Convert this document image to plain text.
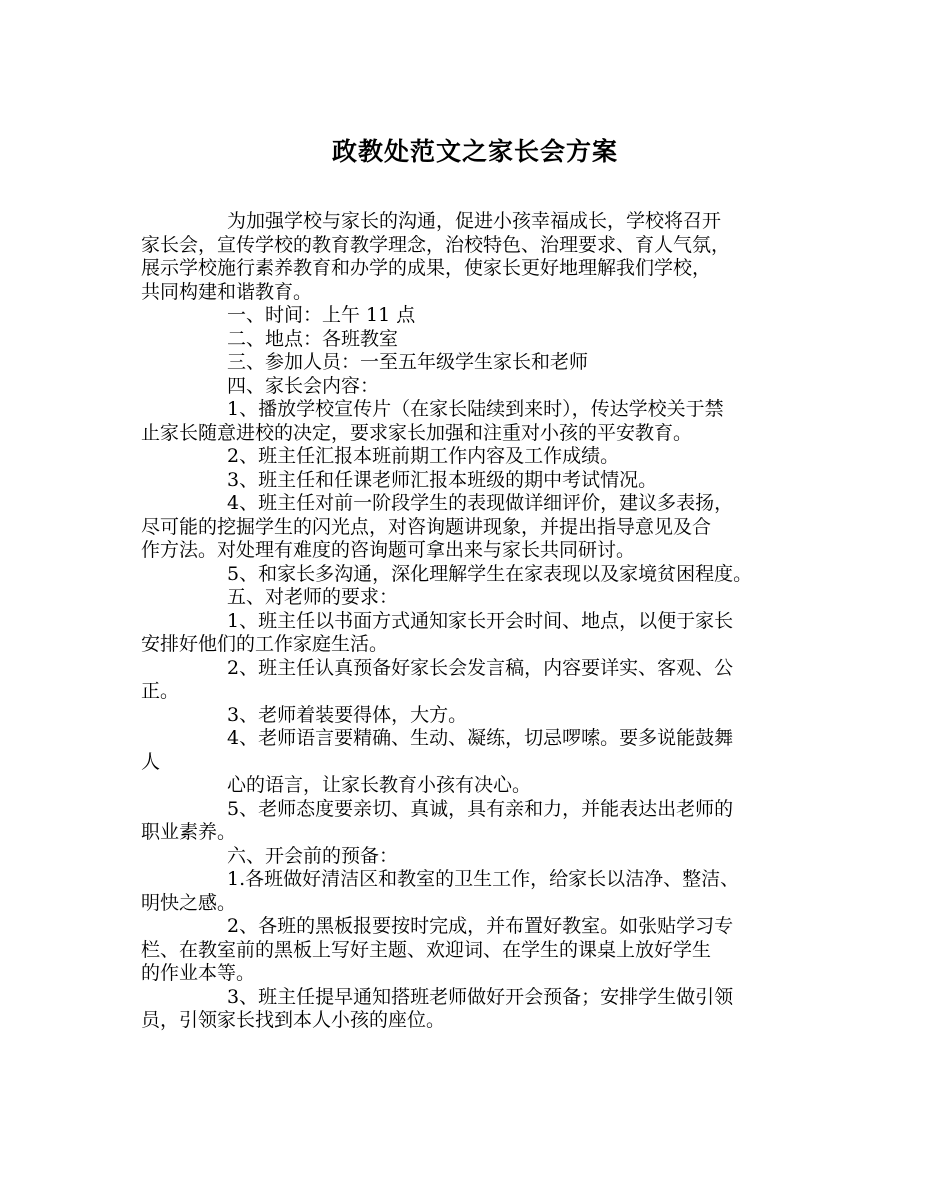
政教处范文之家长会方案
为加强学校与家长的沟通，促进小孩幸福成长，学校将召开
家长会，宣传学校的教育教学理念，治校特色、治理要求、育人气氛，
展示学校施行素养教育和办学的成果，使家长更好地理解我们学校，
共同构建和谐教育。
一、时间：上午 11 点
二、地点：各班教室
三、参加人员：一至五年级学生家长和老师
四、家长会内容：
1、播放学校宣传片（在家长陆续到来时），传达学校关于禁
止家长随意进校的决定，要求家长加强和注重对小孩的平安教育。
2、班主任汇报本班前期工作内容及工作成绩。
3、班主任和任课老师汇报本班级的期中考试情况。
4、班主任对前一阶段学生的表现做详细评价，建议多表扬，
尽可能的挖掘学生的闪光点，对咨询题讲现象，并提出指导意见及合
作方法。对处理有难度的咨询题可拿出来与家长共同研讨。
5、和家长多沟通，深化理解学生在家表现以及家境贫困程度。
五、对老师的要求：
1、班主任以书面方式通知家长开会时间、地点，以便于家长
安排好他们的工作家庭生活。
2、班主任认真预备好家长会发言稿，内容要详实、客观、公
正。
3、老师着装要得体，大方。
4、老师语言要精确、生动、凝练，切忌啰嗦。要多说能鼓舞
人
心的语言，让家长教育小孩有决心。
5、老师态度要亲切、真诚，具有亲和力，并能表达出老师的
职业素养。
六、开会前的预备：
1.各班做好清洁区和教室的卫生工作，给家长以洁净、整洁、
明快之感。
2、各班的黑板报要按时完成，并布置好教室。如张贴学习专
栏、在教室前的黑板上写好主题、欢迎词、在学生的课桌上放好学生
的作业本等。
3、班主任提早通知搭班老师做好开会预备；安排学生做引领
员，引领家长找到本人小孩的座位。
